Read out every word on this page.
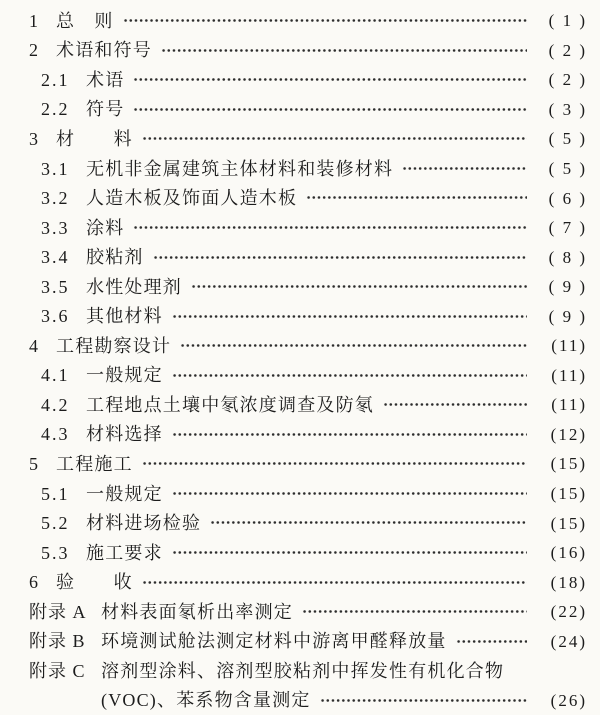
1 总　则	( 1 )
2 术语和符号	( 2 )
2.1 术语	( 2 )
2.2 符号	( 3 )
3 材　　料	( 5 )
3.1 无机非金属建筑主体材料和装修材料	( 5 )
3.2 人造木板及饰面人造木板	( 6 )
3.3 涂料	( 7 )
3.4 胶粘剂	( 8 )
3.5 水性处理剂	( 9 )
3.6 其他材料	( 9 )
4 工程勘察设计	(11)
4.1 一般规定	(11)
4.2 工程地点土壤中氡浓度调查及防氡	(11)
4.3 材料选择	(12)
5 工程施工	(15)
5.1 一般规定	(15)
5.2 材料进场检验	(15)
5.3 施工要求	(16)
6 验　　收	(18)
附录 A 材料表面氡析出率测定	(22)
附录 B 环境测试舱法测定材料中游离甲醛释放量	(24)
附录 C 溶剂型涂料、溶剂型胶粘剂中挥发性有机化合物
(VOC)、苯系物含量测定	(26)
